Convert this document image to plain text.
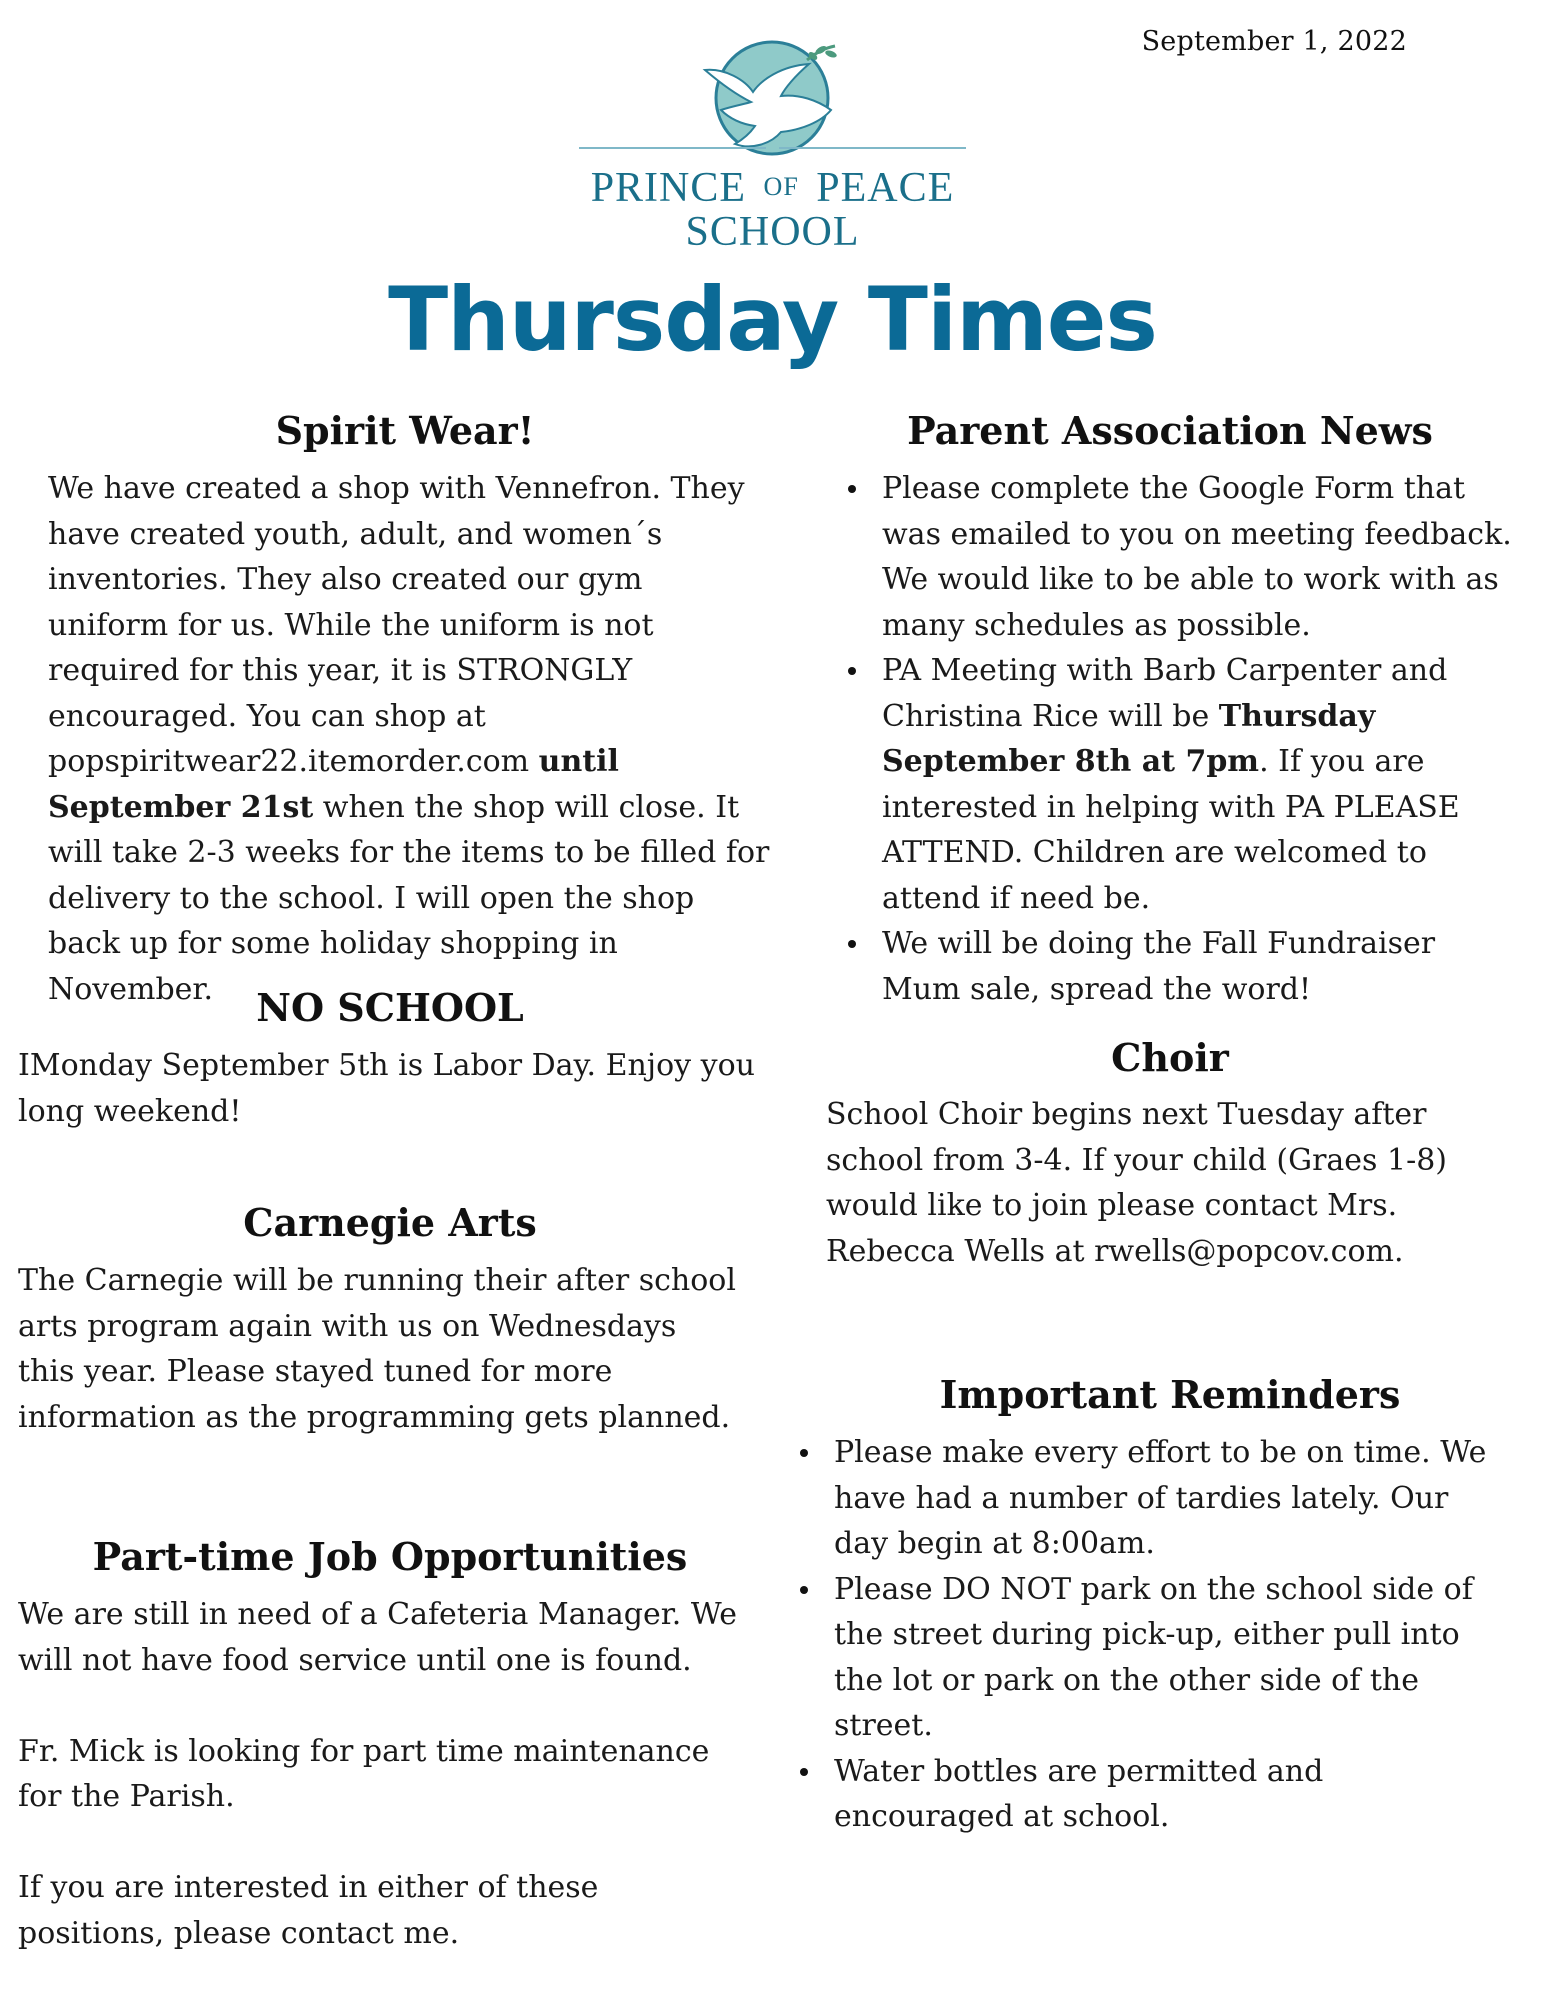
September 1, 2022
PRINCE OF PEACE
SCHOOL
Thursday Times
Spirit Wear!
We have created a shop with Vennefron. They have created youth, adult, and women´s inventories. They also created our gym uniform for us. While the uniform is not required for this year, it is STRONGLY encouraged. You can shop at popspiritwear22.itemorder.com until September 21st when the shop will close. It will take 2-3 weeks for the items to be filled for delivery to the school. I will open the shop back up for some holiday shopping in November.	NO SCHOOL
IMonday September 5th is Labor Day. Enjoy you long weekend!
Carnegie Arts
The Carnegie will be running their after school arts program again with us on Wednesdays this year. Please stayed tuned for more information as the programming gets planned.
Part-time Job Opportunities

We are still in need of a Cafeteria Manager. We will not have food service until one is found.

Fr. Mick is looking for part time maintenance for the Parish.

If you are interested in either of these positions, please contact me.

Parent Association News
Please complete the Google Form that was emailed to you on meeting feedback. We would like to be able to work with as many schedules as possible.
PA Meeting with Barb Carpenter and Christina Rice will be Thursday September 8th at 7pm. If you are interested in helping with PA PLEASE ATTEND. Children are welcomed to attend if need be.
We will be doing the Fall Fundraiser Mum sale, spread the word!
Choir
School Choir begins next Tuesday after school from 3-4. If your child (Graes 1-8) would like to join please contact Mrs. Rebecca Wells at rwells@popcov.com.
Important Reminders
Please make every effort to be on time. We have had a number of tardies lately. Our day begin at 8:00am.
Please DO NOT park on the school side of the street during pick-up, either pull into the lot or park on the other side of the street.
Water bottles are permitted and encouraged at school.
